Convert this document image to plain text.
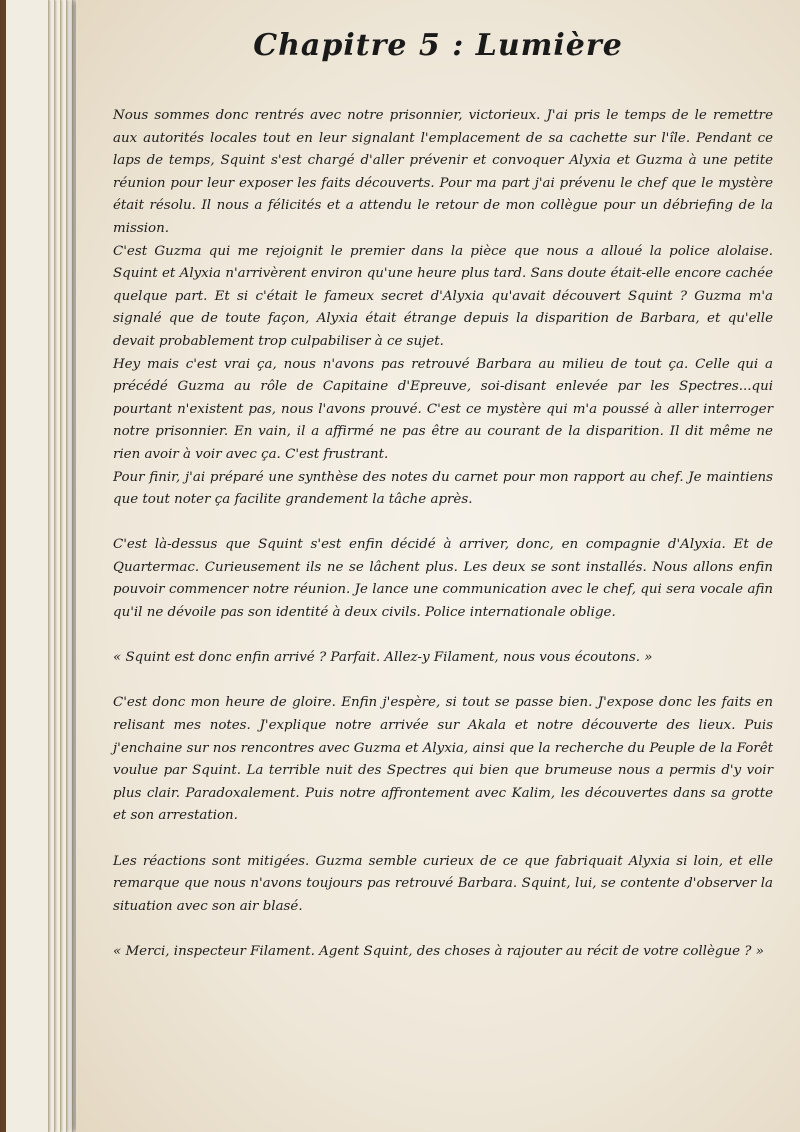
Chapitre 5 : Lumière

Nous sommes donc rentrés avec notre prisonnier, victorieux. J'ai pris le temps de le remettre aux autorités locales tout en leur signalant l'emplacement de sa cachette sur l'île. Pendant ce laps de temps, Squint s'est chargé d'aller prévenir et convoquer Alyxia et Guzma à une petite réunion pour leur exposer les faits découverts. Pour ma part j'ai prévenu le chef que le mystère était résolu. Il nous a félicités et a attendu le retour de mon collègue pour un débriefing de la mission.

C'est Guzma qui me rejoignit le premier dans la pièce que nous a alloué la police alolaise. Squint et Alyxia n'arrivèrent environ qu'une heure plus tard. Sans doute était-elle encore cachée quelque part. Et si c'était le fameux secret d'Alyxia qu'avait découvert Squint ? Guzma m'a signalé que de toute façon, Alyxia était étrange depuis la disparition de Barbara, et qu'elle devait probablement trop culpabiliser à ce sujet.

Hey mais c'est vrai ça, nous n'avons pas retrouvé Barbara au milieu de tout ça. Celle qui a précédé Guzma au rôle de Capitaine d'Epreuve, soi-disant enlevée par les Spectres...qui pourtant n'existent pas, nous l'avons prouvé. C'est ce mystère qui m'a poussé à aller interroger notre prisonnier. En vain, il a affirmé ne pas être au courant de la disparition. Il dit même ne rien avoir à voir avec ça. C'est frustrant.

Pour finir, j'ai préparé une synthèse des notes du carnet pour mon rapport au chef. Je maintiens que tout noter ça facilite grandement la tâche après.

C'est là-dessus que Squint s'est enfin décidé à arriver, donc, en compagnie d'Alyxia. Et de Quartermac. Curieusement ils ne se lâchent plus. Les deux se sont installés. Nous allons enfin pouvoir commencer notre réunion. Je lance une communication avec le chef, qui sera vocale afin qu'il ne dévoile pas son identité à deux civils. Police internationale oblige.

« Squint est donc enfin arrivé ? Parfait. Allez-y Filament, nous vous écoutons. »

C'est donc mon heure de gloire. Enfin j'espère, si tout se passe bien. J'expose donc les faits en relisant mes notes. J'explique notre arrivée sur Akala et notre découverte des lieux. Puis j'enchaine sur nos rencontres avec Guzma et Alyxia, ainsi que la recherche du Peuple de la Forêt voulue par Squint. La terrible nuit des Spectres qui bien que brumeuse nous a permis d'y voir plus clair. Paradoxalement. Puis notre affrontement avec Kalim, les découvertes dans sa grotte et son arrestation.

Les réactions sont mitigées. Guzma semble curieux de ce que fabriquait Alyxia si loin, et elle remarque que nous n'avons toujours pas retrouvé Barbara. Squint, lui, se contente d'observer la situation avec son air blasé.

« Merci, inspecteur Filament. Agent Squint, des choses à rajouter au récit de votre collègue ? »
